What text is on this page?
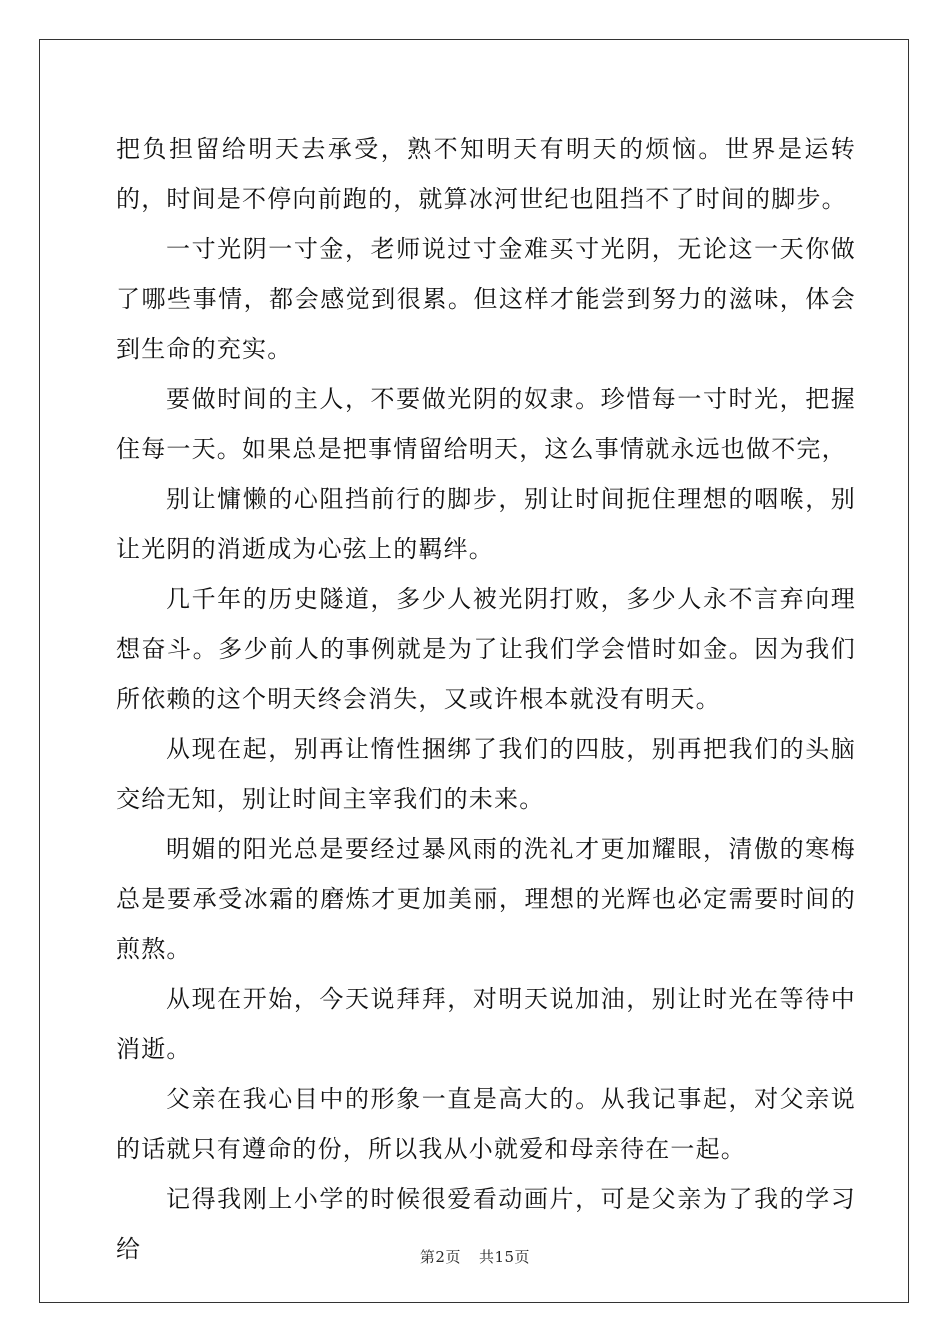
把负担留给明天去承受，熟不知明天有明天的烦恼。世界是运转的，时间是不停向前跑的，就算冰河世纪也阻挡不了时间的脚步。

一寸光阴一寸金，老师说过寸金难买寸光阴，无论这一天你做了哪些事情，都会感觉到很累。但这样才能尝到努力的滋味，体会到生命的充实。

要做时间的主人，不要做光阴的奴隶。珍惜每一寸时光，把握住每一天。如果总是把事情留给明天，这么事情就永远也做不完，

别让慵懒的心阻挡前行的脚步，别让时间扼住理想的咽喉，别让光阴的消逝成为心弦上的羁绊。

几千年的历史隧道，多少人被光阴打败，多少人永不言弃向理想奋斗。多少前人的事例就是为了让我们学会惜时如金。因为我们所依赖的这个明天终会消失，又或许根本就没有明天。

从现在起，别再让惰性捆绑了我们的四肢，别再把我们的头脑交给无知，别让时间主宰我们的未来。

明媚的阳光总是要经过暴风雨的洗礼才更加耀眼，清傲的寒梅总是要承受冰霜的磨炼才更加美丽，理想的光辉也必定需要时间的煎熬。

从现在开始，今天说拜拜，对明天说加油，别让时光在等待中消逝。

父亲在我心目中的形象一直是高大的。从我记事起，对父亲说的话就只有遵命的份，所以我从小就爱和母亲待在一起。

记得我刚上小学的时候很爱看动画片，可是父亲为了我的学习给	第2页 共15页
